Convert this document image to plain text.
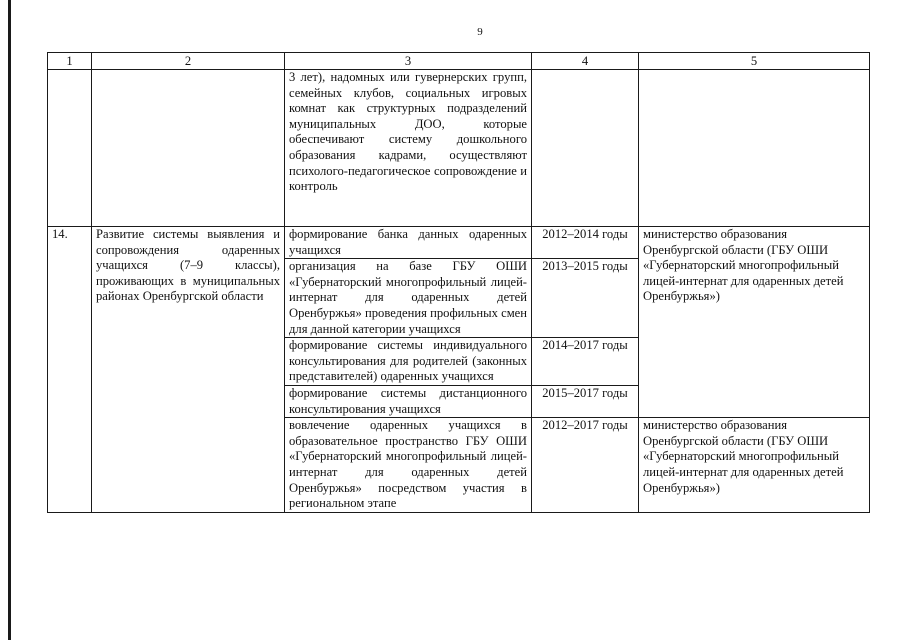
9
1	2	3	4	5
		3 лет), надомных или гувернерских групп, семейных клубов, социальных игровых комнат как структурных подразделений муниципальных ДОО, которые обеспечивают систему дошкольного образования кадрами, осуществляют психолого-педагогическое сопровождение и контроль		
14.	Развитие системы выявления и сопровождения одаренных учащихся (7–9 классы), проживающих в муниципальных районах Оренбургской области	формирование банка данных одаренных учащихся	2012–2014 годы	министерство образования Оренбургской области (ГБУ ОШИ «Губернаторский многопрофильный лицей-интернат для одаренных детей Оренбуржья»)
		организация на базе ГБУ ОШИ «Губернаторский многопрофильный лицей-интернат для одаренных детей Оренбуржья» проведения профильных смен для данной категории учащихся	2013–2015 годы	
		формирование системы индивидуального консультирования для родителей (законных представителей) одаренных учащихся	2014–2017 годы	
		формирование системы дистанционного консультирования учащихся	2015–2017 годы	
		вовлечение одаренных учащихся в образовательное пространство ГБУ ОШИ «Губернаторский многопрофильный лицей-интернат для одаренных детей Оренбуржья» посредством участия в региональном этапе	2012–2017 годы	министерство образования Оренбургской области (ГБУ ОШИ «Губернаторский многопрофильный лицей-интернат для одаренных детей Оренбуржья»)
